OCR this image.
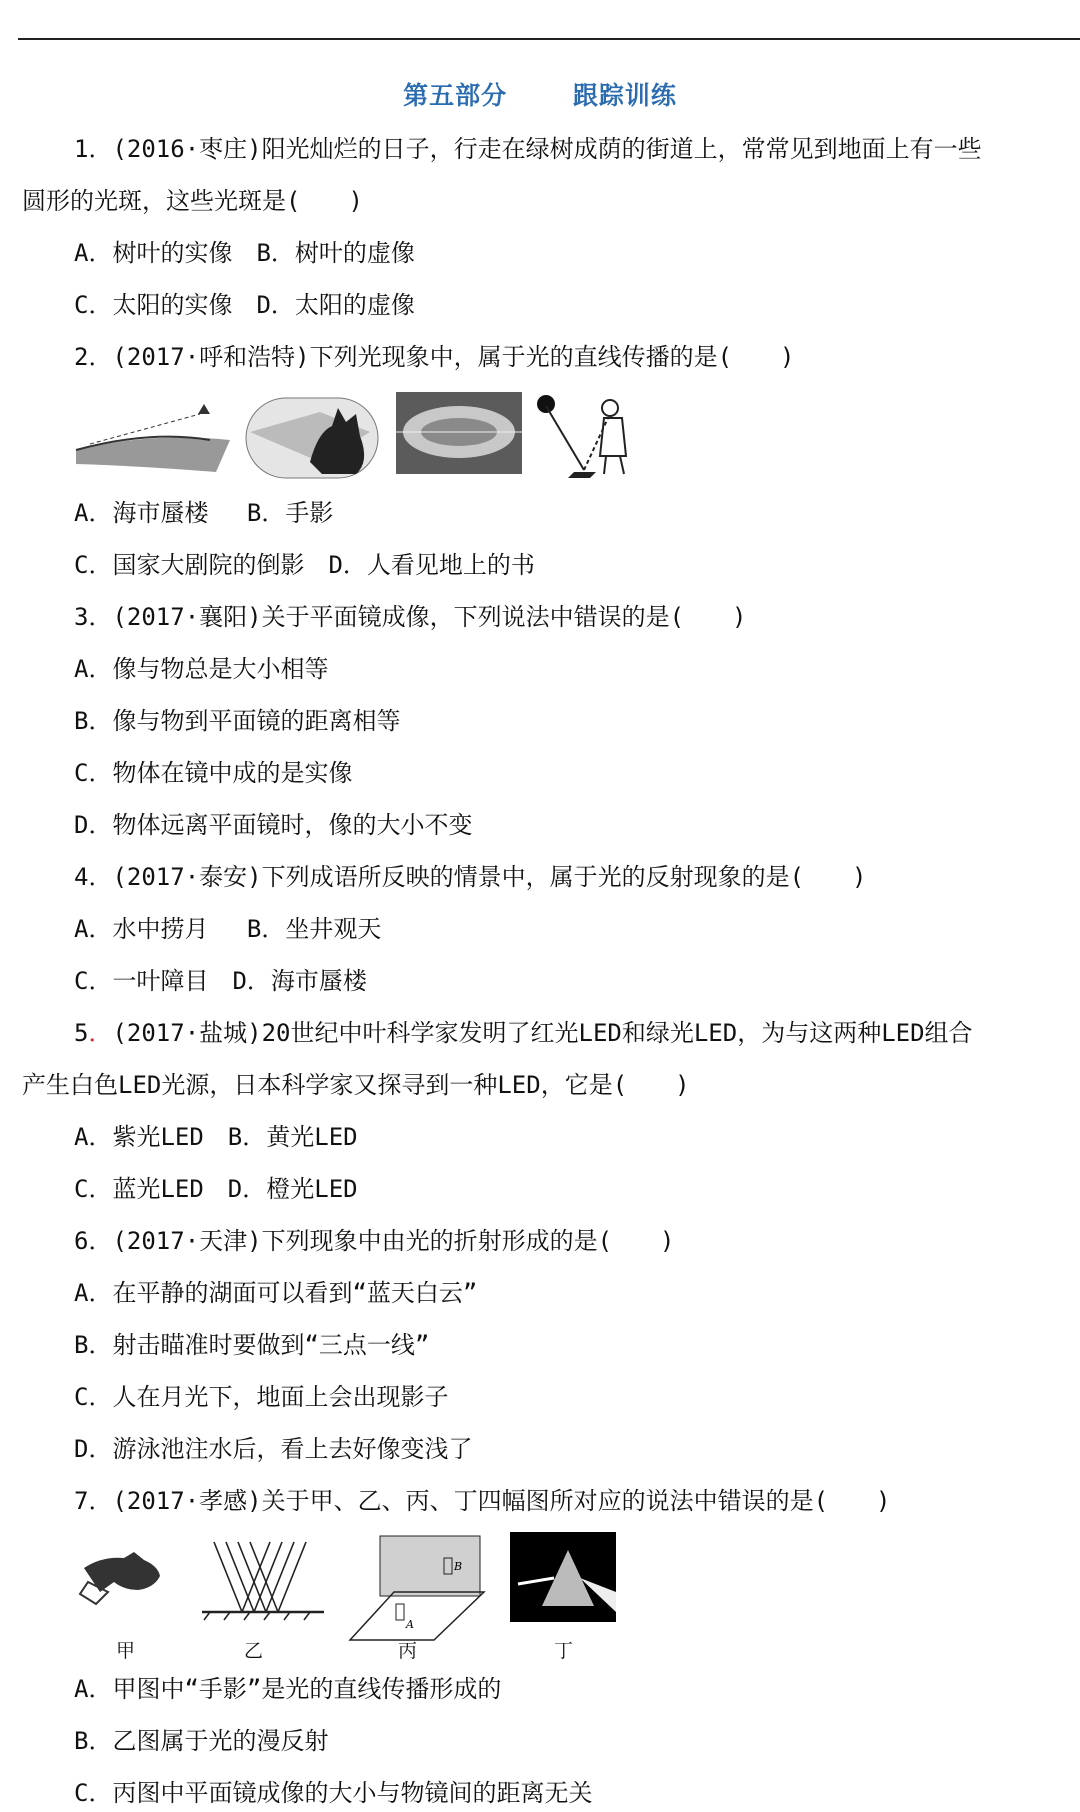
第五部分	跟踪训练
1．(2016·枣庄)阳光灿烂的日子，行走在绿树成荫的街道上，常常见到地面上有一些
圆形的光斑，这些光斑是(　　)
A．树叶的实像　B．树叶的虚像
C．太阳的实像　D．太阳的虚像
2．(2017·呼和浩特)下列光现象中，属于光的直线传播的是(　　)

A．海市蜃楼　 B．手影
C．国家大剧院的倒影　D．人看见地上的书
3．(2017·襄阳)关于平面镜成像，下列说法中错误的是(　　)
A．像与物总是大小相等
B．像与物到平面镜的距离相等
C．物体在镜中成的是实像
D．物体远离平面镜时，像的大小不变
4．(2017·泰安)下列成语所反映的情景中，属于光的反射现象的是(　　)
A．水中捞月　 B．坐井观天
C．一叶障目　D．海市蜃楼
5．(2017·盐城)20世纪中叶科学家发明了红光LED和绿光LED，为与这两种LED组合
产生白色LED光源，日本科学家又探寻到一种LED，它是(　　)
A．紫光LED　B．黄光LED
C．蓝光LED　D．橙光LED
6．(2017·天津)下列现象中由光的折射形成的是(　　)
A．在平静的湖面可以看到“蓝天白云”
B．射击瞄准时要做到“三点一线”
C．人在月光下，地面上会出现影子
D．游泳池注水后，看上去好像变浅了
7．(2017·孝感)关于甲、乙、丙、丁四幅图所对应的说法中错误的是(　　)
B
A
甲	乙	丙	丁
A．甲图中“手影”是光的直线传播形成的
B．乙图属于光的漫反射
C．丙图中平面镜成像的大小与物镜间的距离无关
